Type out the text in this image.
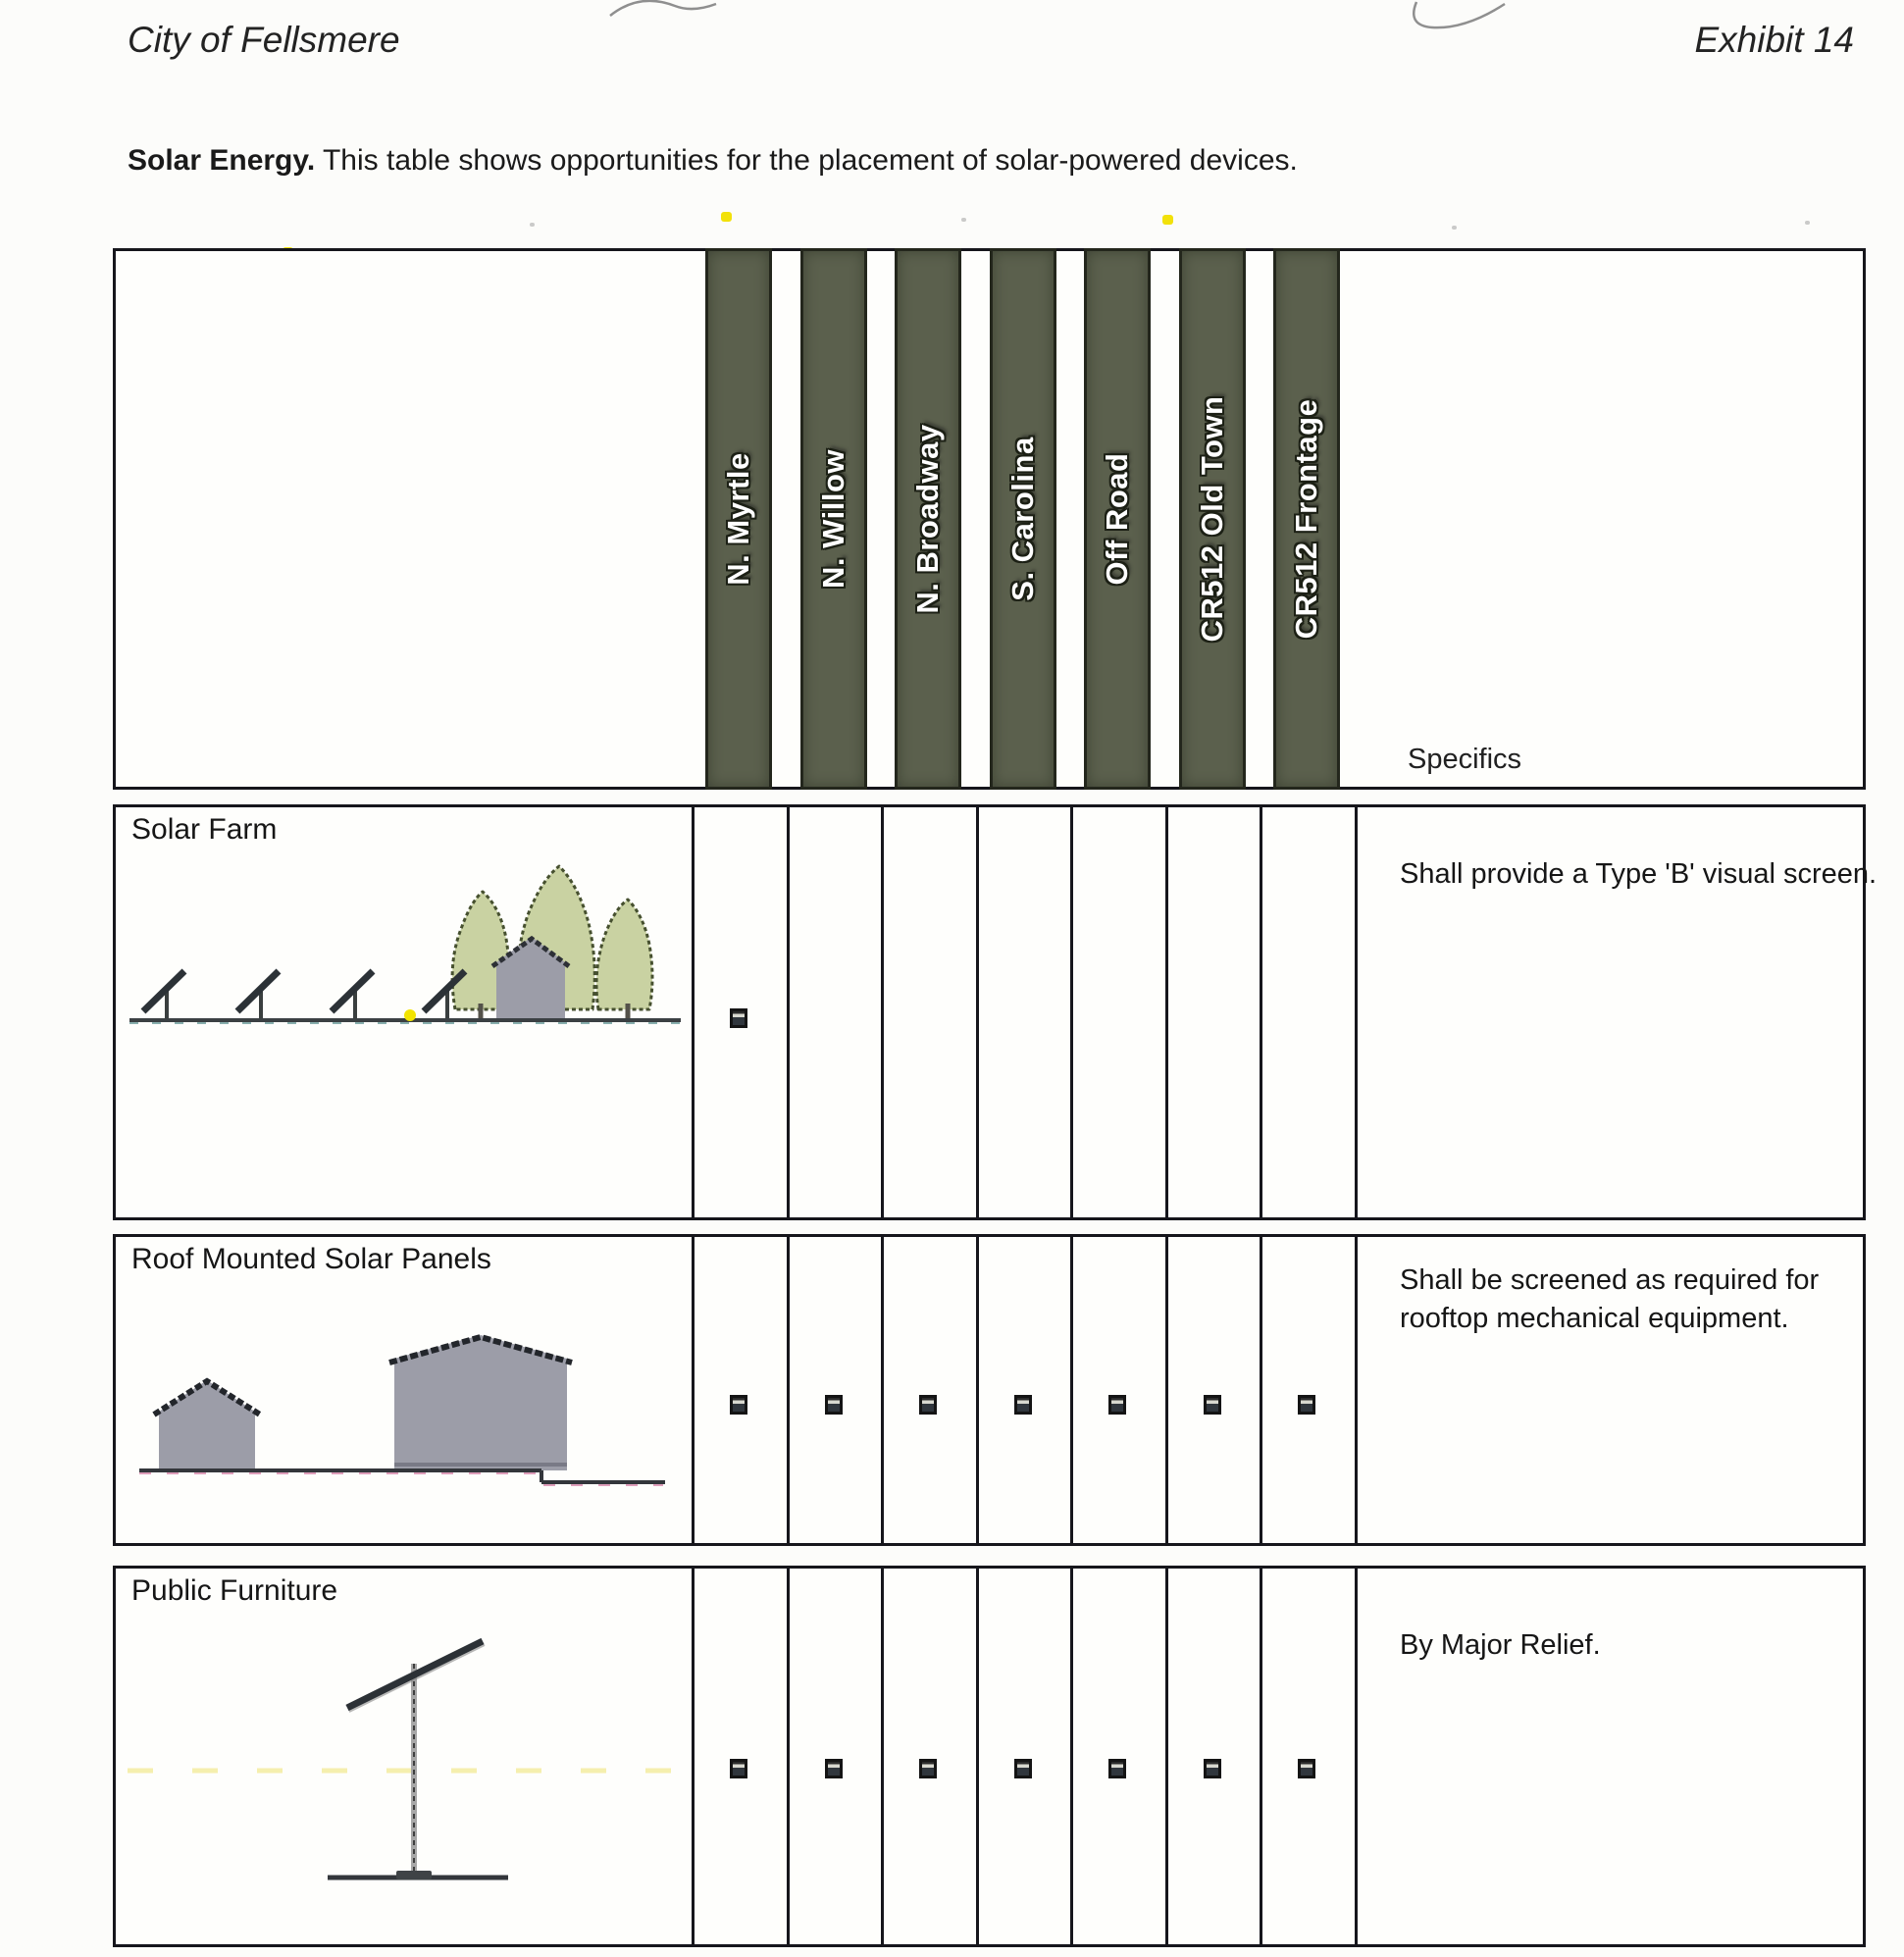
City of Fellsmere	Exhibit 14
Solar Energy. This table shows opportunities for the placement of solar-powered devices.
N. Myrtle N. Willow N. Broadway S. Carolina Off Road CR512 Old Town CR512 Frontage
Specifics
Solar Farm
Shall provide a Type 'B' visual screen.
Roof Mounted Solar Panels
Shall be screened as required for rooftop mechanical equipment.
Public Furniture
By Major Relief.
